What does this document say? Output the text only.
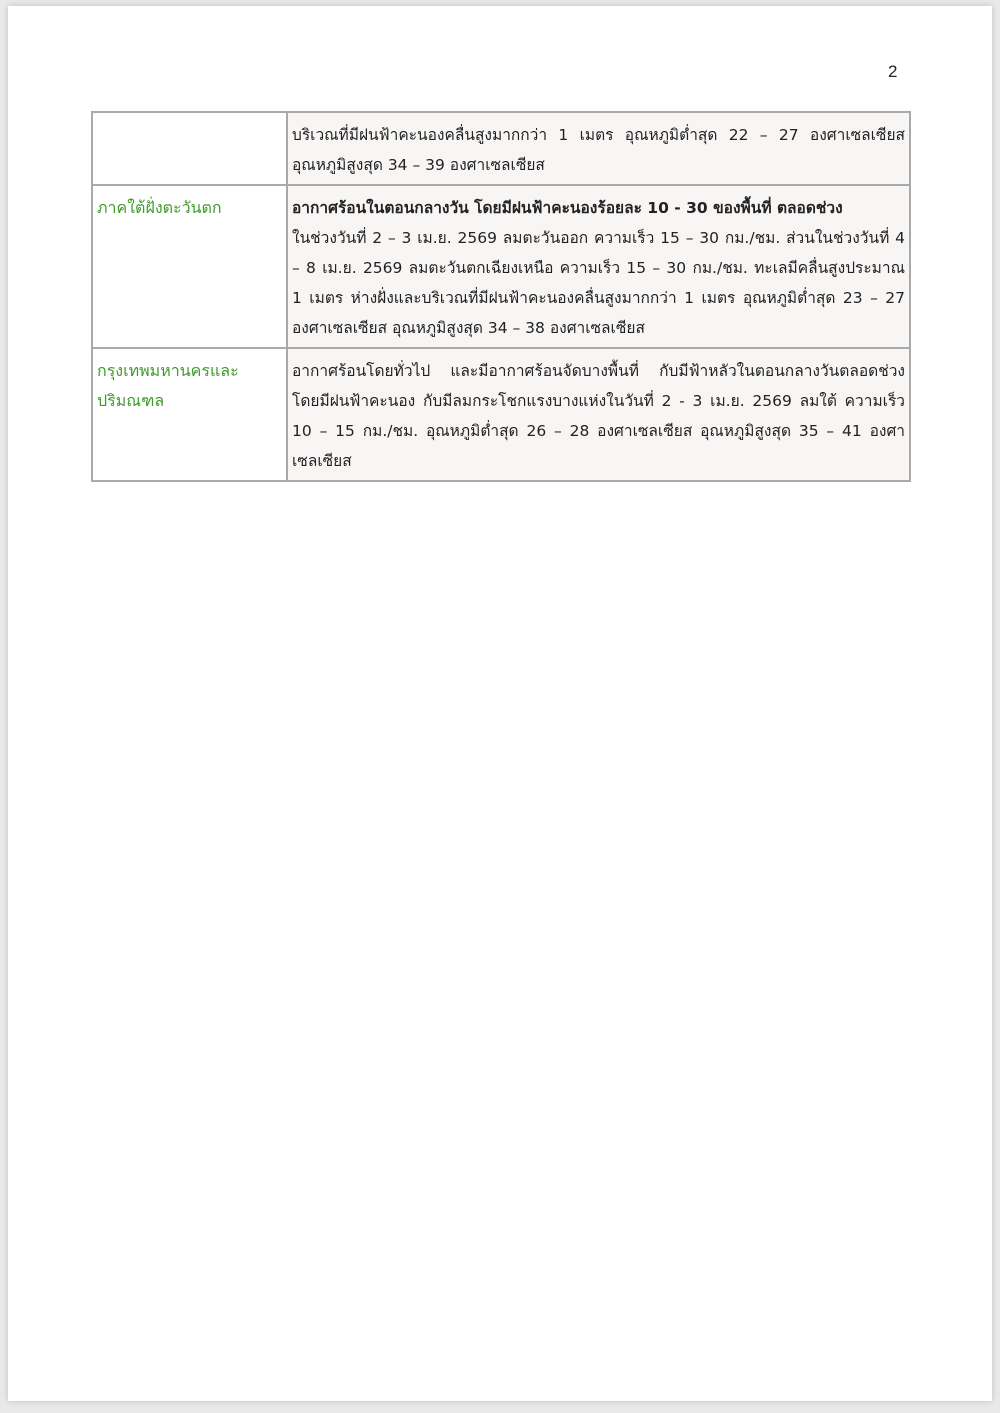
2
	บริเวณที่มีฝนฟ้าคะนองคลื่นสูงมากกว่า 1 เมตร อุณหภูมิต่ำสุด 22 – 27 องศาเซลเซียส อุณหภูมิสูงสุด 34 – 39 องศาเซลเซียส
ภาคใต้ฝั่งตะวันตก	อากาศร้อนในตอนกลางวัน โดยมีฝนฟ้าคะนองร้อยละ 10 - 30 ของพื้นที่ ตลอดช่วง
ในช่วงวันที่ 2 – 3 เม.ย. 2569 ลมตะวันออก ความเร็ว 15 – 30 กม./ชม. ส่วนในช่วงวันที่ 4 – 8 เม.ย. 2569 ลมตะวันตกเฉียงเหนือ ความเร็ว 15 – 30 กม./ชม. ทะเลมีคลื่นสูงประมาณ 1 เมตร ห่างฝั่งและบริเวณที่มีฝนฟ้าคะนองคลื่นสูงมากกว่า 1 เมตร อุณหภูมิต่ำสุด 23 – 27 องศาเซลเซียส อุณหภูมิสูงสุด 34 – 38 องศาเซลเซียส
กรุงเทพมหานครและปริมณฑล	อากาศร้อนโดยทั่วไป และมีอากาศร้อนจัดบางพื้นที่ กับมีฟ้าหลัวในตอนกลางวันตลอดช่วง โดยมีฝนฟ้าคะนอง กับมีลมกระโชกแรงบางแห่งในวันที่ 2 - 3 เม.ย. 2569 ลมใต้ ความเร็ว 10 – 15 กม./ชม. อุณหภูมิต่ำสุด 26 – 28 องศาเซลเซียส อุณหภูมิสูงสุด 35 – 41 องศาเซลเซียส
